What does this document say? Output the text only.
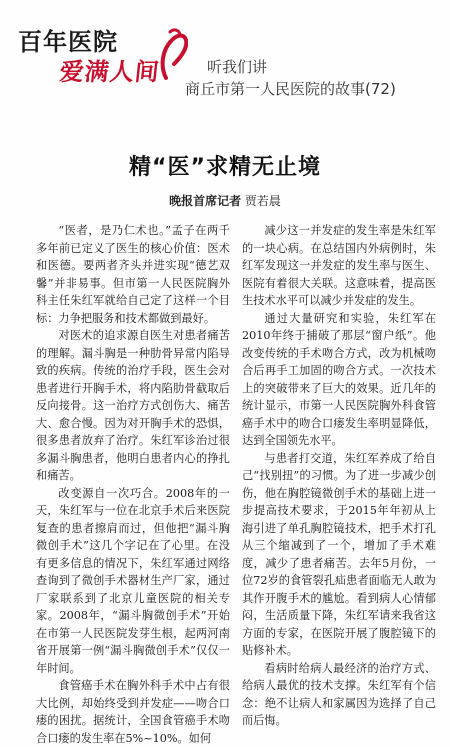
百年医院
爱满人间	听我们讲
商丘市第一人民医院的故事(72)
精“医”求精无止境
晚报首席记者 贾若晨

“医者，是乃仁术也。”孟子在两千多年前已定义了医生的核心价值：医术和医德。要两者齐头并进实现“德艺双馨”并非易事。但市第一人民医院胸外科主任朱红军就给自己定了这样一个目标：力争把服务和技术都做到最好。

对医术的追求源自医生对患者痛苦的理解。漏斗胸是一种肋骨异常内陷导致的疾病。传统的治疗手段，医生会对患者进行开胸手术，将内陷肋骨截取后反向接骨。这一治疗方式创伤大、痛苦大、愈合慢。因为对开胸手术的恐惧，很多患者放弃了治疗。朱红军诊治过很多漏斗胸患者，他明白患者内心的挣扎和痛苦。

改变源自一次巧合。2008年的一天，朱红军与一位在北京手术后来医院复查的患者擦肩而过，但他把“漏斗胸微创手术”这几个字记在了心里。在没有更多信息的情况下，朱红军通过网络查询到了微创手术器材生产厂家，通过厂家联系到了北京儿童医院的相关专家。2008年，“漏斗胸微创手术”开始在市第一人民医院发芽生根，起两河南省开展第一例“漏斗胸微创手术”仅仅一年时间。

食管癌手术在胸外科手术中占有很大比例，却始终受到并发症——吻合口瘘的困扰。据统计，全国食管癌手术吻合口瘘的发生率在5%~10%。如何

减少这一并发症的发生率是朱红军的一块心病。在总结国内外病例时，朱红军发现这一并发症的发生率与医生、医院有着很大关联。这意味着，提高医生技术水平可以减少并发症的发生。

通过大量研究和实验，朱红军在2010年终于捕破了那层“窗户纸”。他改变传统的手术吻合方式，改为机械吻合后再手工加固的吻合方式。一次技术上的突破带来了巨大的效果。近几年的统计显示，市第一人民医院胸外科食管癌手术中的吻合口瘘发生率明显降低，达到全国领先水平。

与患者打交道，朱红军养成了给自己“找别扭”的习惯。为了进一步减少创伤，他在胸腔镜微创手术的基础上进一步提高技术要求，于2015年年初从上海引进了单孔胸腔镜技术，把手术打孔从三个缩减到了一个，增加了手术难度，减少了患者痛苦。去年5月份，一位72岁的食管裂孔疝患者面临无人敢为其作开腹手术的尴尬。看到病人心情郁闷，生活质量下降，朱红军请来我省这方面的专家，在医院开展了腹腔镜下的贴修补术。

看病时给病人最经济的治疗方式、给病人最优的技术支撑。朱红军有个信念：绝不让病人和家属因为选择了自己而后悔。
